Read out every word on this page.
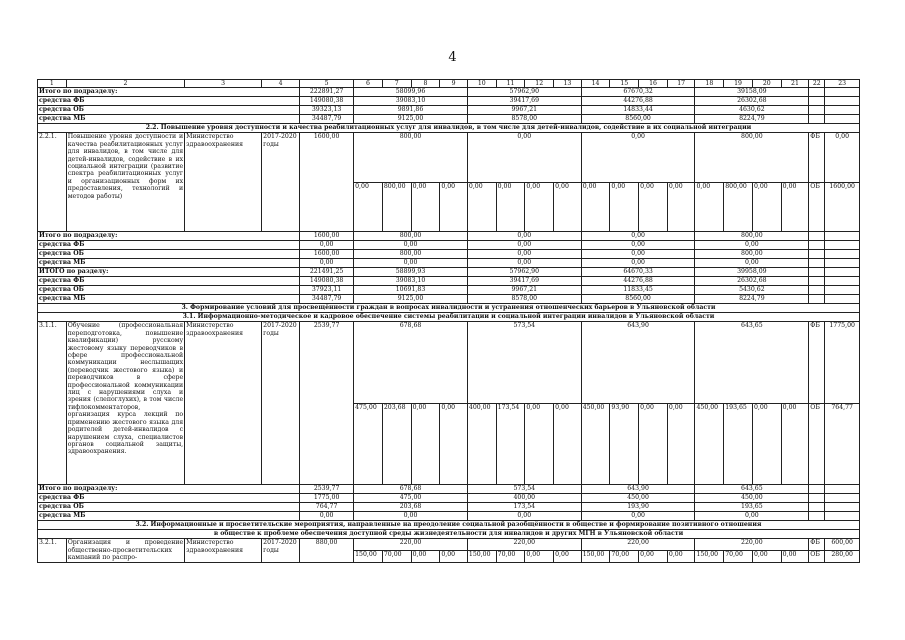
4
1	2	3	4	5	6	7	8	9	10	11	12	13	14	15	16	17	18	19	20	21	22	23
Итого по подразделу:				222891,27	58099,96				57962,90				67670,32				39158,09					
средства ФБ				149080,38	39083,10				39417,69				44276,88				26302,68					
средства ОБ				39323,13	9891,86				9967,21				14833,44				4630,62					
средства МБ				34487,79	9125,00				8578,00				8560,00				8224,79					
2.2. Повышение уровня доступности и качества реабилитационных услуг для инвалидов, в том числе для детей-инвалидов, содействие в их социальной интеграции																						
2.2.1.	Повышение уровня доступности и качества реабилитационных услуг для инвалидов, в том числе для детей-инвалидов, содействие в их социальной интеграции (развитие спектра реабилитационных услуг и организационных форм их предоставления, технологий и методов работы)	Министерство здравоохранения	2017-2020 годы	1600,00	800,00				0,00				0,00				800,00				ФБ	0,00
					0,00	800,00	0,00	0,00	0,00	0,00	0,00	0,00	0,00	0,00	0,00	0,00	0,00	800,00	0,00	0,00	ОБ	1600,00
Итого по подразделу:				1600,00	800,00				0,00				0,00				800,00					
средства ФБ				0,00	0,00				0,00				0,00				0,00					
средства ОБ				1600,00	800,00				0,00				0,00				800,00					
средства МБ				0,00	0,00				0,00				0,00				0,00					
ИТОГО по разделу:				221491,25	58899,93				57962,90				64670,33				39958,09					
средства ФБ				149080,38	39083,10				39417,69				44276,88				26302,68					
средства ОБ				37923,11	10691,83				9967,21				11833,45				5430,62					
средства МБ				34487,79	9125,00				8578,00				8560,00				8224,79					
3. Формирование условий для просвещённости граждан в вопросах инвалидности и устранения отношенческих барьеров в Ульяновской области																						
3.1. Информационно-методическое и кадровое обеспечение системы реабилитации и социальной интеграции инвалидов в Ульяновской области																						
3.1.1.	Обучение (профессиональная переподготовка, повышение квалификации) русскому жестовому языку переводчиков в сфере профессиональной коммуникации неслышащих (переводчик жестового языка) и переводчиков в сфере профессиональной коммуникации лиц с нарушениями слуха и зрения (слепоглухих), в том числе тифлокомментаторов, организация курса лекций по применению жестового языка для родителей детей-инвалидов с нарушением слуха, специалистов органов социальной защиты, здравоохранения.	Министерство здравоохранения	2017-2020 годы	2539,77	678,68				573,54				643,90				643,65				ФБ	1775,00
					475,00	203,68	0,00	0,00	400,00	173,54	0,00	0,00	450,00	93,90	0,00	0,00	450,00	193,65	0,00	0,00	ОБ	764,77
Итого по подразделу:				2539,77	678,68				573,54				643,90				643,65					
средства ФБ				1775,00	475,00				400,00				450,00				450,00					
средства ОБ				764,77	203,68				173,54				193,90				193,65					
средства МБ				0,00	0,00				0,00				0,00				0,00					
3.2. Информационные и просветительские мероприятия, направленные на преодоление социальной разобщённости в обществе и формирование позитивного отношения																						
в обществе к проблеме обеспечения доступной среды жизнедеятельности для инвалидов и других МГН в Ульяновской области																						
3.2.1.	Организация и проведение общественно-просветительских кампаний по распро-	Министерство здравоохранения	2017-2020 годы	880,00	220,00				220,00				220,00				220,00				ФБ	600,00
					150,00	70,00	0,00	0,00	150,00	70,00	0,00	0,00	150,00	70,00	0,00	0,00	150,00	70,00	0,00	0,00	ОБ	280,00
